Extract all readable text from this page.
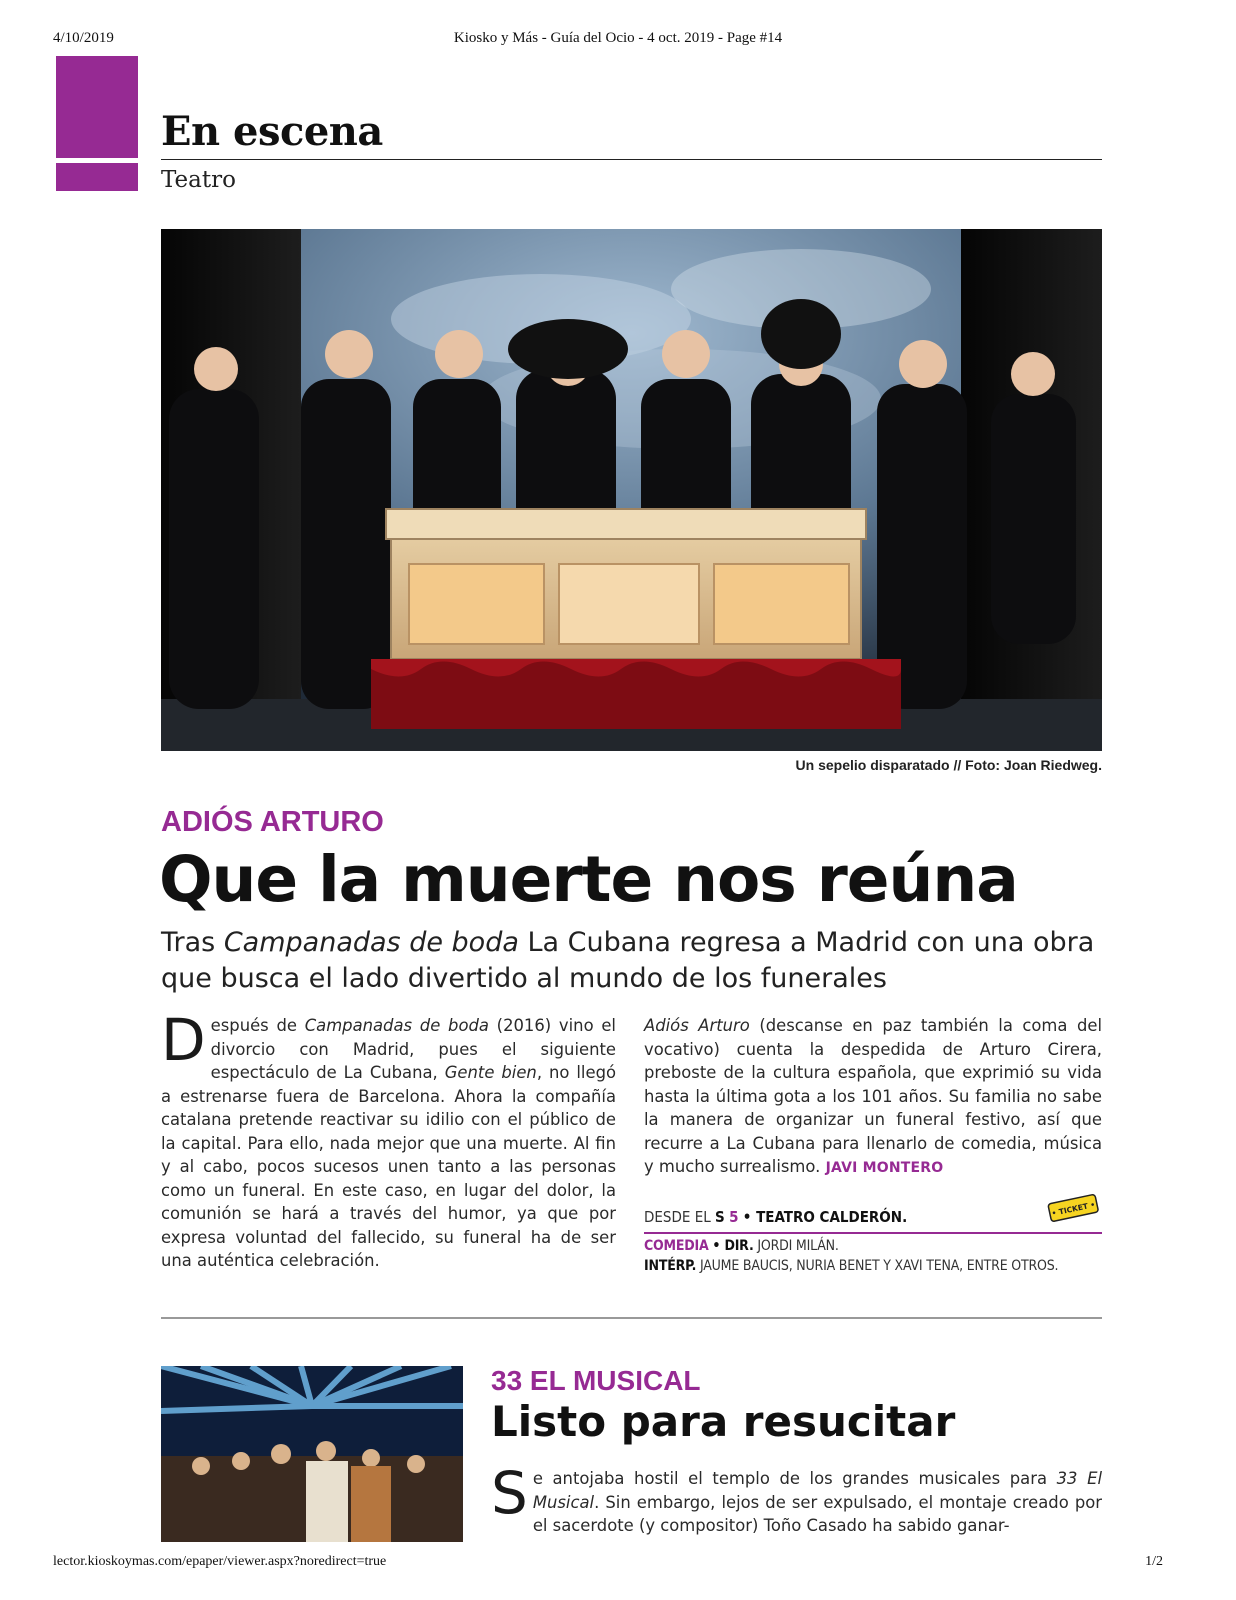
4/10/2019	Kiosko y Más - Guía del Ocio - 4 oct. 2019 - Page #14
En escena
Teatro
Un sepelio disparatado // Foto: Joan Riedweg.
ADIÓS ARTURO
Que la muerte nos reúna

Tras Campanadas de boda La Cubana regresa a Madrid con una obra que busca el lado divertido al mundo de los funerales

Después de Campanadas de boda (2016) vino el divorcio con Madrid, pues el siguiente espectáculo de La Cubana, Gente bien, no llegó a estrenarse fuera de Barcelona. Ahora la compañía catalana pretende reactivar su idilio con el público de la capital. Para ello, nada mejor que una muerte. Al fin y al cabo, pocos sucesos unen tanto a las personas como un funeral. En este caso, en lugar del dolor, la comunión se hará a través del humor, ya que por expresa voluntad del fallecido, su funeral ha de ser una auténtica celebración.
Adiós Arturo (descanse en paz también la coma del vocativo) cuenta la despedida de Arturo Cirera, preboste de la cultura española, que exprimió su vida hasta la última gota a los 101 años. Su familia no sabe la manera de organizar un funeral festivo, así que recurre a La Cubana para llenarlo de comedia, música y mucho surrealismo. JAVI MONTERO
• TICKET •
DESDE EL S 5 • TEATRO CALDERÓN.
COMEDIA • DIR. JORDI MILÁN.
INTÉRP. JAUME BAUCIS, NURIA BENET Y XAVI TENA, ENTRE OTROS.
33 EL MUSICAL
Listo para resucitar
Se antojaba hostil el templo de los grandes musicales para 33 El Musical. Sin embargo, lejos de ser expulsado, el montaje creado por el sacerdote (y compositor) Toño Casado ha sabido ganar-
lector.kioskoymas.com/epaper/viewer.aspx?noredirect=true	1/2
